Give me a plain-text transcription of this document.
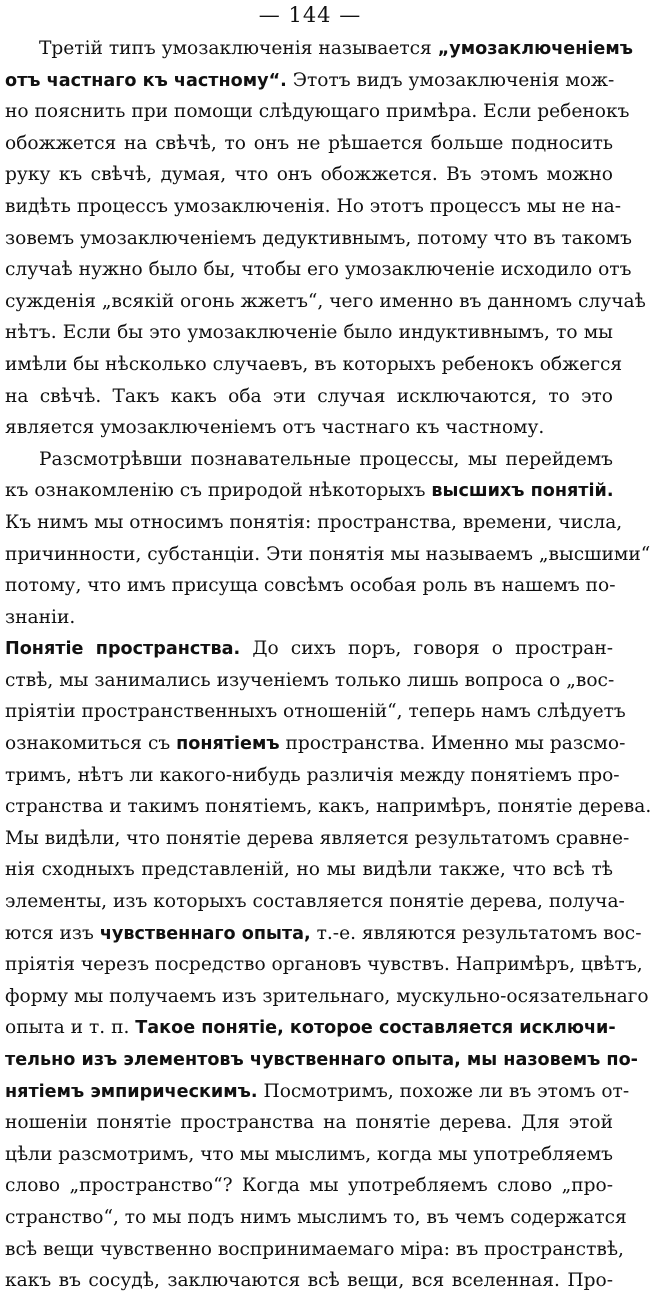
— 144 —
Третій типъ умозаключенія называется „умозаключеніемъ
отъ частнаго къ частному“. Этотъ видъ умозаключенія мож-
но пояснить при помощи слѣдующаго примѣра. Если ребенокъ
обожжется на свѣчѣ, то онъ не рѣшается больше подносить
руку къ свѣчѣ, думая, что онъ обожжется. Въ этомъ можно
видѣть процессъ умозаключенія. Но этотъ процессъ мы не на-
зовемъ умозаключеніемъ дедуктивнымъ, потому что въ такомъ
случаѣ нужно было бы, чтобы его умозаключеніе исходило отъ
сужденія „всякій огонь жжетъ“, чего именно въ данномъ случаѣ
нѣтъ. Если бы это умозаключеніе было индуктивнымъ, то мы
имѣли бы нѣсколько случаевъ, въ которыхъ ребенокъ обжегся
на свѣчѣ. Такъ какъ оба эти случая исключаются, то это
является умозаключеніемъ отъ частнаго къ частному.
Разсмотрѣвши познавательные процессы, мы перейдемъ
къ ознакомленію съ природой нѣкоторыхъ высшихъ понятій.
Къ нимъ мы относимъ понятія: пространства, времени, числа,
причинности, субстанціи. Эти понятія мы называемъ „высшими“
потому, что имъ присуща совсѣмъ особая роль въ нашемъ по-
знаніи.
Понятіе пространства. До сихъ поръ, говоря о простран-
ствѣ, мы занимались изученіемъ только лишь вопроса о „вос-
пріятіи пространственныхъ отношеній“, теперь намъ слѣдуетъ
ознакомиться съ понятіемъ пространства. Именно мы разсмо-
тримъ, нѣтъ ли какого-нибудь различія между понятіемъ про-
странства и такимъ понятіемъ, какъ, напримѣръ, понятіе дерева.
Мы видѣли, что понятіе дерева является результатомъ сравне-
нія сходныхъ представленій, но мы видѣли также, что всѣ тѣ
элементы, изъ которыхъ составляется понятіе дерева, получа-
ются изъ чувственнаго опыта, т.-е. являются результатомъ вос-
пріятія черезъ посредство органовъ чувствъ. Напримѣръ, цвѣтъ,
форму мы получаемъ изъ зрительнаго, мускульно-осязательнаго
опыта и т. п. Такое понятіе, которое составляется исключи-
тельно изъ элементовъ чувственнаго опыта, мы назовемъ по-
нятіемъ эмпирическимъ. Посмотримъ, похоже ли въ этомъ от-
ношеніи понятіе пространства на понятіе дерева. Для этой
цѣли разсмотримъ, что мы мыслимъ, когда мы употребляемъ
слово „пространство“? Когда мы употребляемъ слово „про-
странство“, то мы подъ нимъ мыслимъ то, въ чемъ содержатся
всѣ вещи чувственно воспринимаемаго міра: въ пространствѣ,
какъ въ сосудѣ, заключаются всѣ вещи, вся вселенная. Про-
